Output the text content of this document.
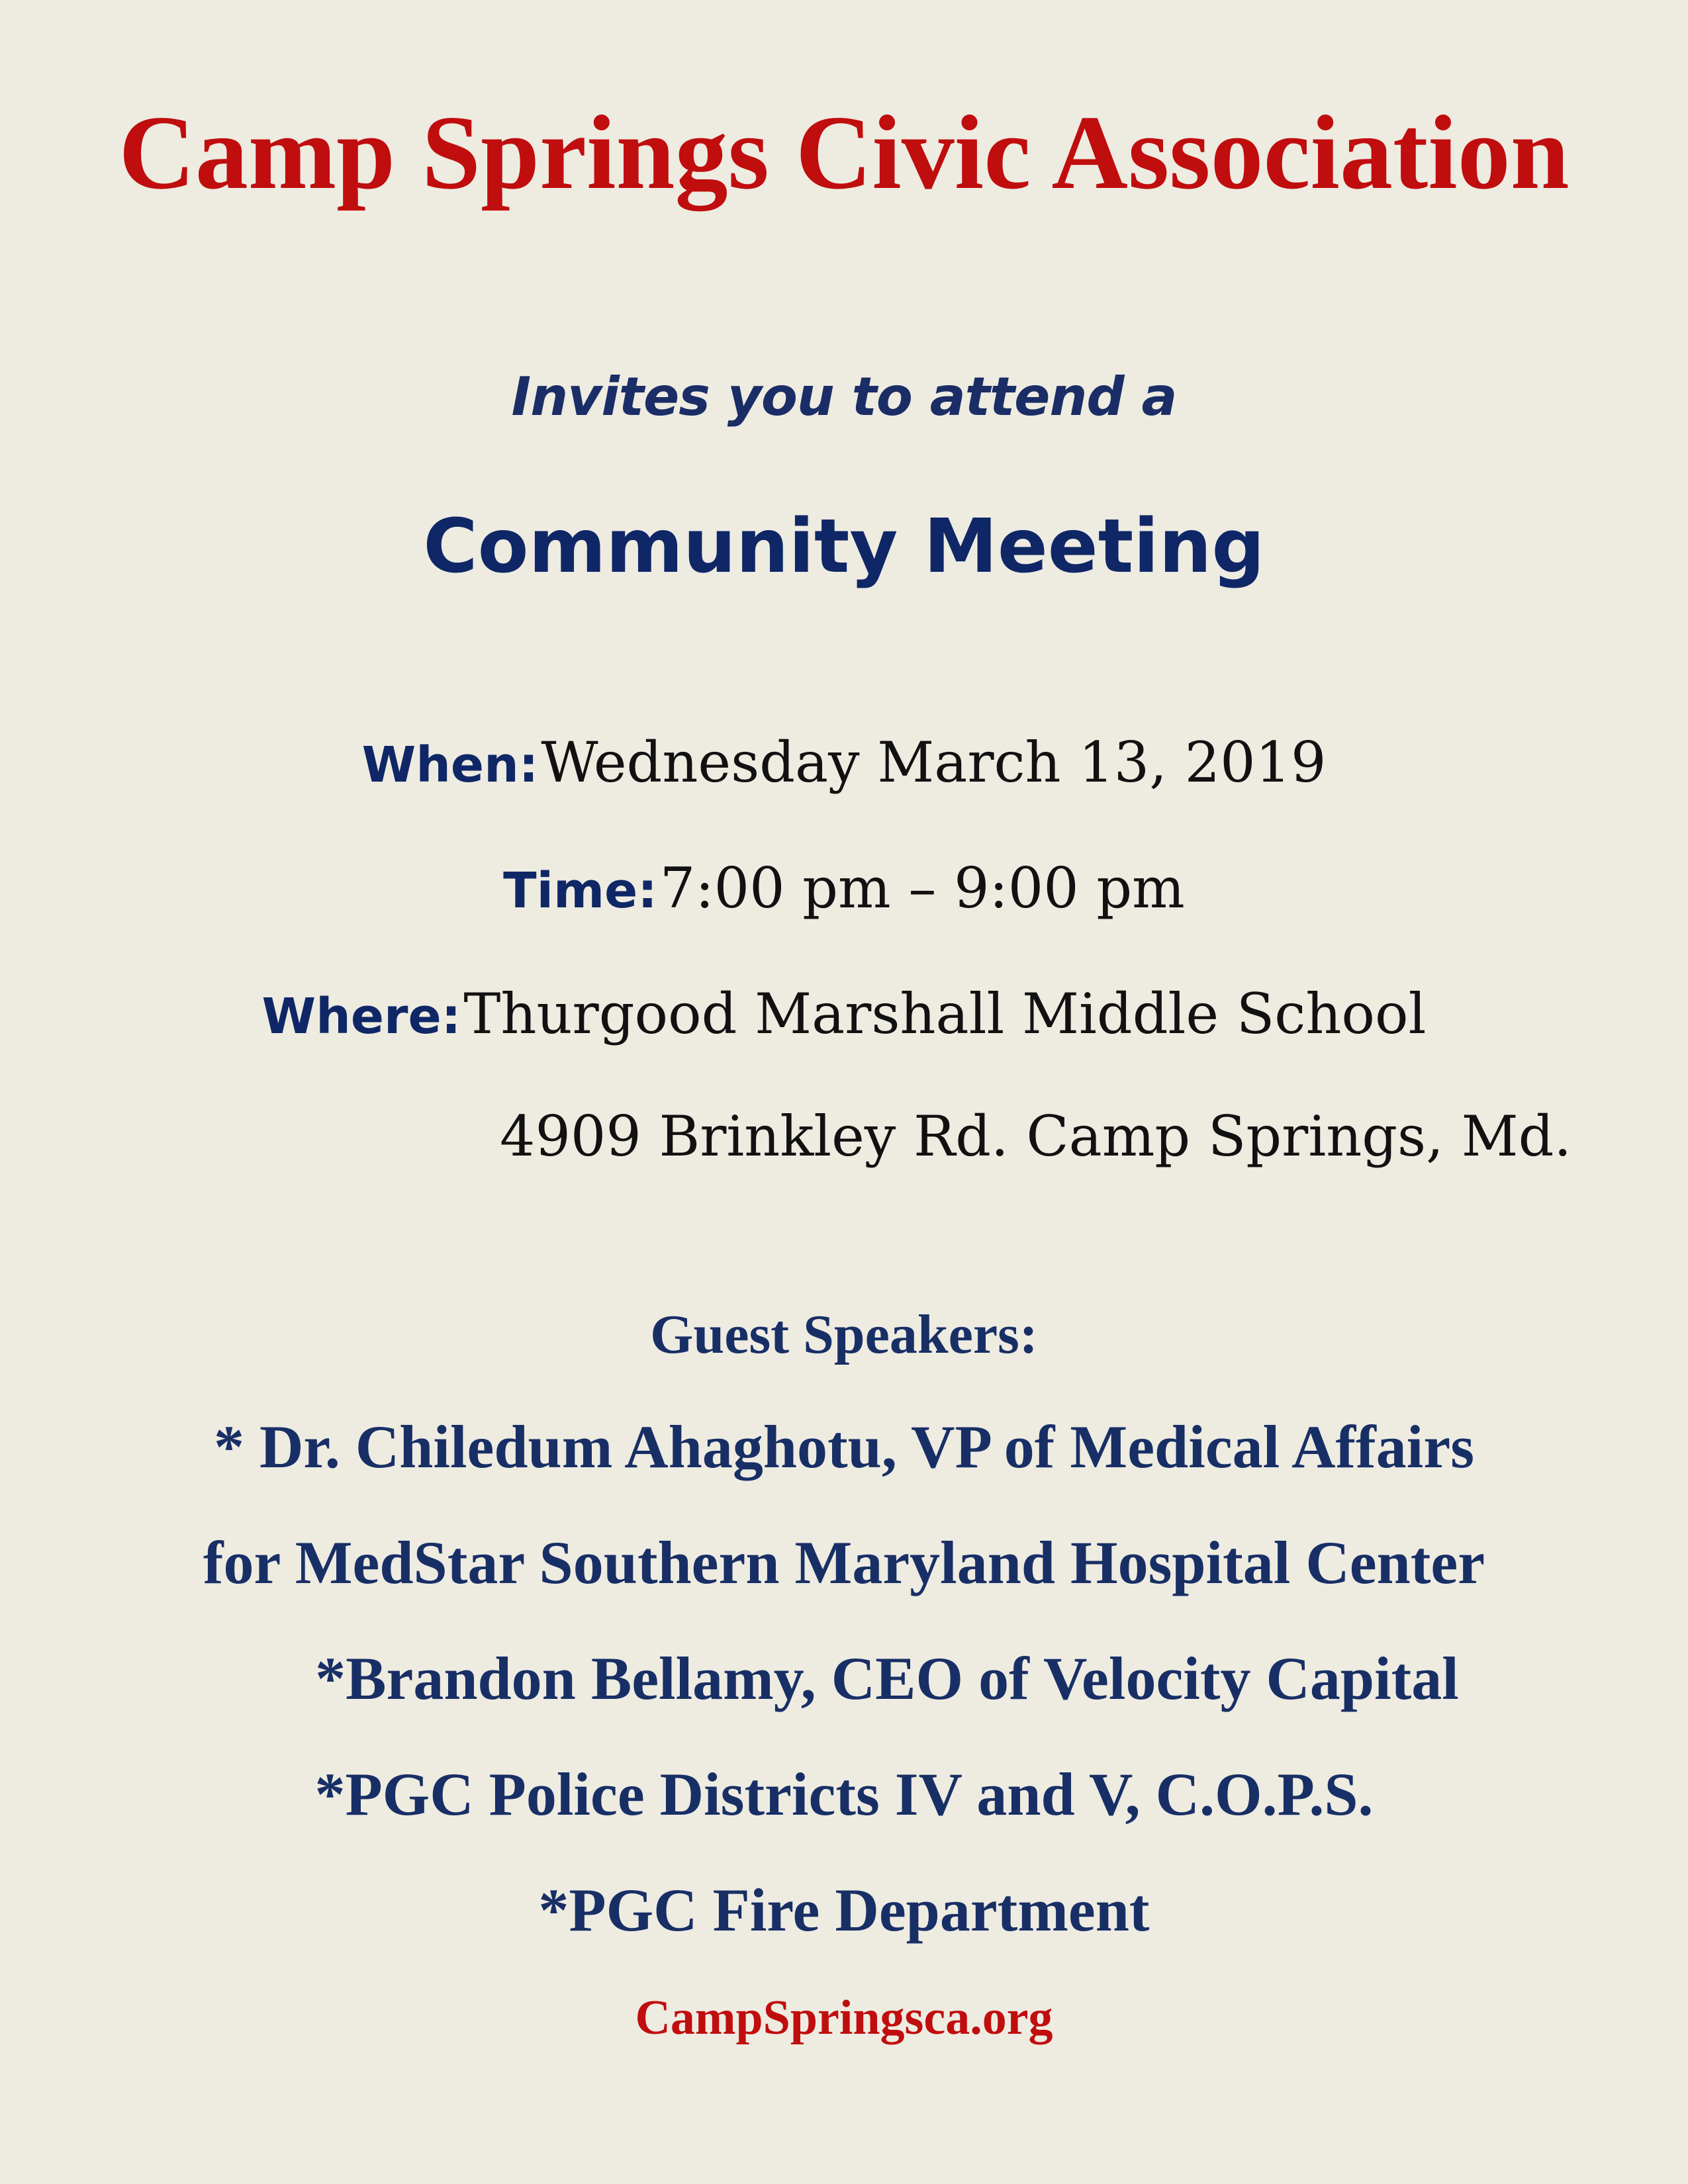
Camp Springs Civic Association
Invites you to attend a
Community Meeting
When: Wednesday March 13, 2019
Time: 7:00 pm – 9:00 pm
Where: Thurgood Marshall Middle School
4909 Brinkley Rd. Camp Springs, Md.
Guest Speakers:
* Dr. Chiledum Ahaghotu, VP of Medical Affairs
for MedStar Southern Maryland Hospital Center
*Brandon Bellamy, CEO of Velocity Capital
*PGC Police Districts IV and V, C.O.P.S.
*PGC Fire Department
CampSpringsca.org
